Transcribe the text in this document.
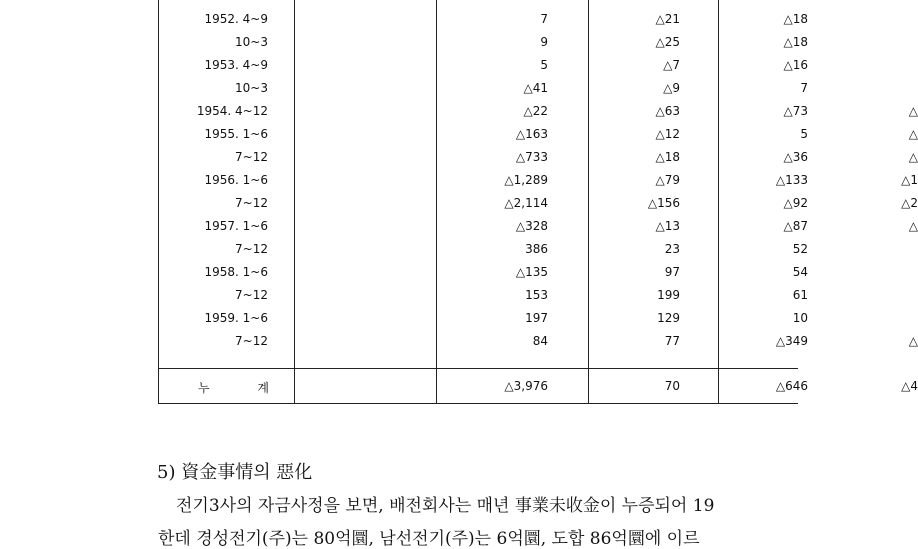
1952. 4~9	7	△21	△18
10~3	9	△25	△18
1953. 4~9	5	△7	△16
10~3	△41	△9	7
1954. 4~12	△22	△63	△73	△
1955. 1~6	△163	△12	5	△
7~12	△733	△18	△36	△
1956. 1~6	△1,289	△79	△133	△1
7~12	△2,114	△156	△92	△2
1957. 1~6	△328	△13	△87	△
7~12	386	23	52
1958. 1~6	△135	97	54
7~12	153	199	61
1959. 1~6	197	129	10
7~12	84	77	△349	△
누 계	△3,976	70	△646	△4
5) 資金事情의 惡化

전기3사의 자금사정을 보면, 배전회사는 매년 事業未收金이 누증되어 19

한데 경성전기(주)는 80억圜, 남선전기(주)는 6억圜, 도합 86억圜에 이르
